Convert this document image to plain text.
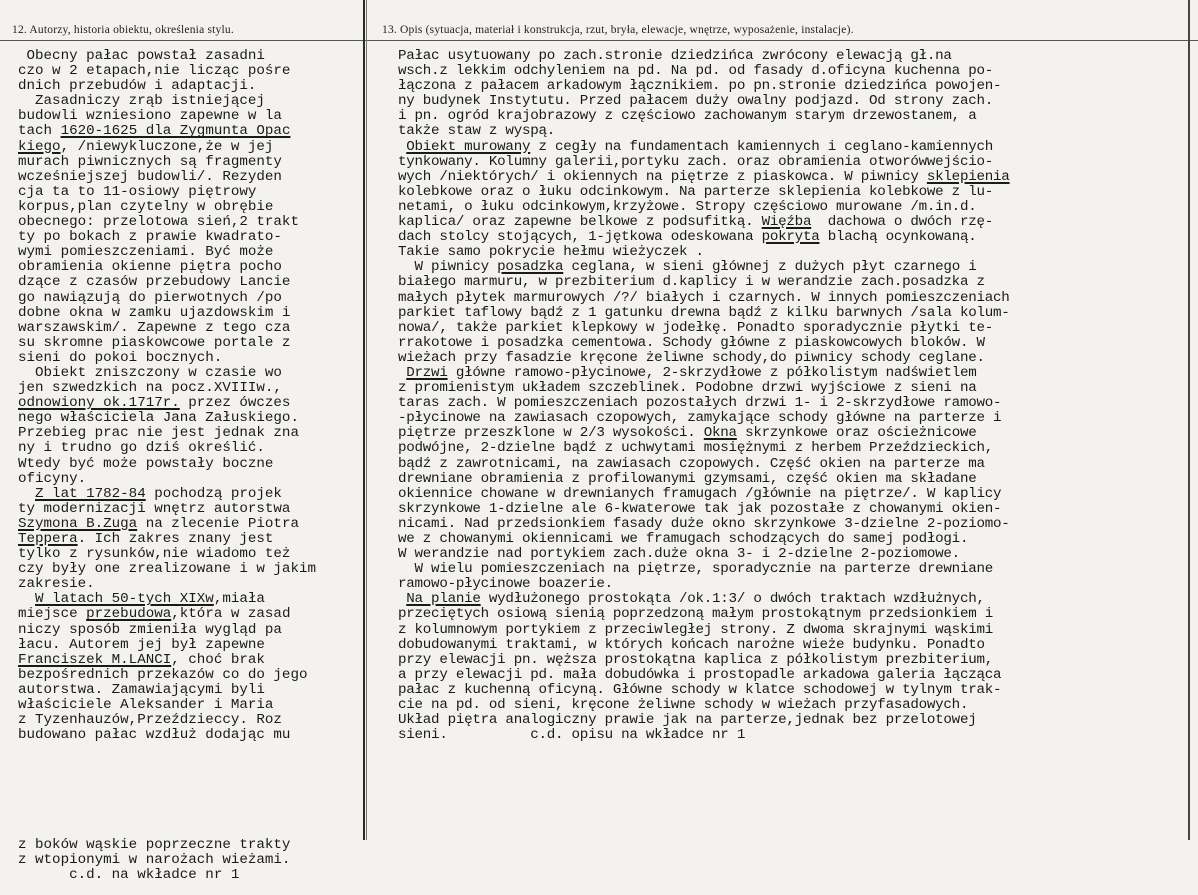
12. Autorzy, historia obiektu, określenia stylu.	13. Opis (sytuacja, materiał i konstrukcja, rzut, bryła, elewacje, wnętrze, wyposażenie, instalacje).
Obecny pałac powstał zasadni
czo w 2 etapach,nie licząc pośre
dnich przebudów i adaptacji.
Zasadniczy zrąb istniejącej
budowli wzniesiono zapewne w la
tach 1620-1625 dla Zygmunta Opac
kiego, /niewykluczone,że w jej
murach piwnicznych są fragmenty
wcześniejszej budowli/. Rezyden
cja ta to 11-osiowy piętrowy
korpus,plan czytelny w obrębie
obecnego: przelotowa sień,2 trakt
ty po bokach z prawie kwadrato-
wymi pomieszczeniami. Być może
obramienia okienne piętra pocho
dzące z czasów przebudowy Lancie
go nawiązują do pierwotnych /po
dobne okna w zamku ujazdowskim i
warszawskim/. Zapewne z tego cza
su skromne piaskowcowe portale z
sieni do pokoi bocznych.
Obiekt zniszczony w czasie wo
jen szwedzkich na pocz.XVIIIw.,
odnowiony ok.1717r. przez ówczes
nego właściciela Jana Załuskiego.
Przebieg prac nie jest jednak zna
ny i trudno go dziś określić.
Wtedy być może powstały boczne
oficyny.
Z lat 1782-84 pochodzą projek
ty modernizacji wnętrz autorstwa
Szymona B.Zuga na zlecenie Piotra
Teppera. Ich zakres znany jest
tylko z rysunków,nie wiadomo też
czy były one zrealizowane i w jakim
zakresie.
W latach 50-tych XIXw,miała
miejsce przebudowa,która w zasad
niczy sposób zmieniła wygląd pa
łacu. Autorem jej był zapewne
Franciszek M.LANCI, choć brak
bezpośrednich przekazów co do jego
autorstwa. Zamawiającymi byli
właściciele Aleksander i Maria
z Tyzenhauzów,Przeździeccy. Roz
budowano pałac wzdłuż dodając mu
Pałac usytuowany po zach.stronie dziedzińca zwrócony elewacją gł.na
wsch.z lekkim odchyleniem na pd. Na pd. od fasady d.oficyna kuchenna po-
łączona z pałacem arkadowym łącznikiem. po pn.stronie dziedzińca powojen-
ny budynek Instytutu. Przed pałacem duży owalny podjazd. Od strony zach.
i pn. ogród krajobrazowy z częściowo zachowanym starym drzewostanem, a
także staw z wyspą.
Obiekt murowany z cegły na fundamentach kamiennych i ceglano-kamiennych
tynkowany. Kolumny galerii,portyku zach. oraz obramienia otworówwejścio-
wych /niektórych/ i okiennych na piętrze z piaskowca. W piwnicy sklepienia
kolebkowe oraz o łuku odcinkowym. Na parterze sklepienia kolebkowe z lu-
netami, o łuku odcinkowym,krzyżowe. Stropy częściowo murowane /m.in.d.
kaplica/ oraz zapewne belkowe z podsufitką. Więźba  dachowa o dwóch rzę-
dach stolcy stojących, 1-jętkowa odeskowana pokryta blachą ocynkowaną.
Takie samo pokrycie hełmu wieżyczek .
W piwnicy posadzka ceglana, w sieni głównej z dużych płyt czarnego i
białego marmuru, w prezbiterium d.kaplicy i w werandzie zach.posadzka z
małych płytek marmurowych /?/ białych i czarnych. W innych pomieszczeniach
parkiet taflowy bądź z 1 gatunku drewna bądź z kilku barwnych /sala kolum-
nowa/, także parkiet klepkowy w jodełkę. Ponadto sporadycznie płytki te-
rrakotowe i posadzka cementowa. Schody główne z piaskowcowych bloków. W
wieżach przy fasadzie kręcone żeliwne schody,do piwnicy schody ceglane.
Drzwi główne ramowo-płycinowe, 2-skrzydłowe z półkolistym nadświetlem
z promienistym układem szczeblinek. Podobne drzwi wyjściowe z sieni na
taras zach. W pomieszczeniach pozostałych drzwi 1- i 2-skrzydłowe ramowo-
-płycinowe na zawiasach czopowych, zamykające schody główne na parterze i
piętrze przeszklone w 2/3 wysokości. Okna skrzynkowe oraz ościeżnicowe
podwójne, 2-dzielne bądź z uchwytami mosiężnymi z herbem Przeździeckich,
bądź z zawrotnicami, na zawiasach czopowych. Część okien na parterze ma
drewniane obramienia z profilowanymi gzymsami, część okien ma składane
okiennice chowane w drewnianych framugach /głównie na piętrze/. W kaplicy
skrzynkowe 1-dzielne ale 6-kwaterowe tak jak pozostałe z chowanymi okien-
nicami. Nad przedsionkiem fasady duże okno skrzynkowe 3-dzielne 2-poziomo-
we z chowanymi okiennicami we framugach schodzących do samej podłogi.
W werandzie nad portykiem zach.duże okna 3- i 2-dzielne 2-poziomowe.
W wielu pomieszczeniach na piętrze, sporadycznie na parterze drewniane
ramowo-płycinowe boazerie.
Na planie wydłużonego prostokąta /ok.1:3/ o dwóch traktach wzdłużnych,
przeciętych osiową sienią poprzedzoną małym prostokątnym przedsionkiem i
z kolumnowym portykiem z przeciwległej strony. Z dwoma skrajnymi wąskimi
dobudowanymi traktami, w których końcach narożne wieże budynku. Ponadto
przy elewacji pn. węższa prostokątna kaplica z półkolistym prezbiterium,
a przy elewacji pd. mała dobudówka i prostopadle arkadowa galeria łącząca
pałac z kuchenną oficyną. Główne schody w klatce schodowej w tylnym trak-
cie na pd. od sieni, kręcone żeliwne schody w wieżach przyfasadowych.
Układ piętra analogiczny prawie jak na parterze,jednak bez przelotowej
sieni.          c.d. opisu na wkładce nr 1
z boków wąskie poprzeczne trakty
z wtopionymi w narożach wieżami.
c.d. na wkładce nr 1
